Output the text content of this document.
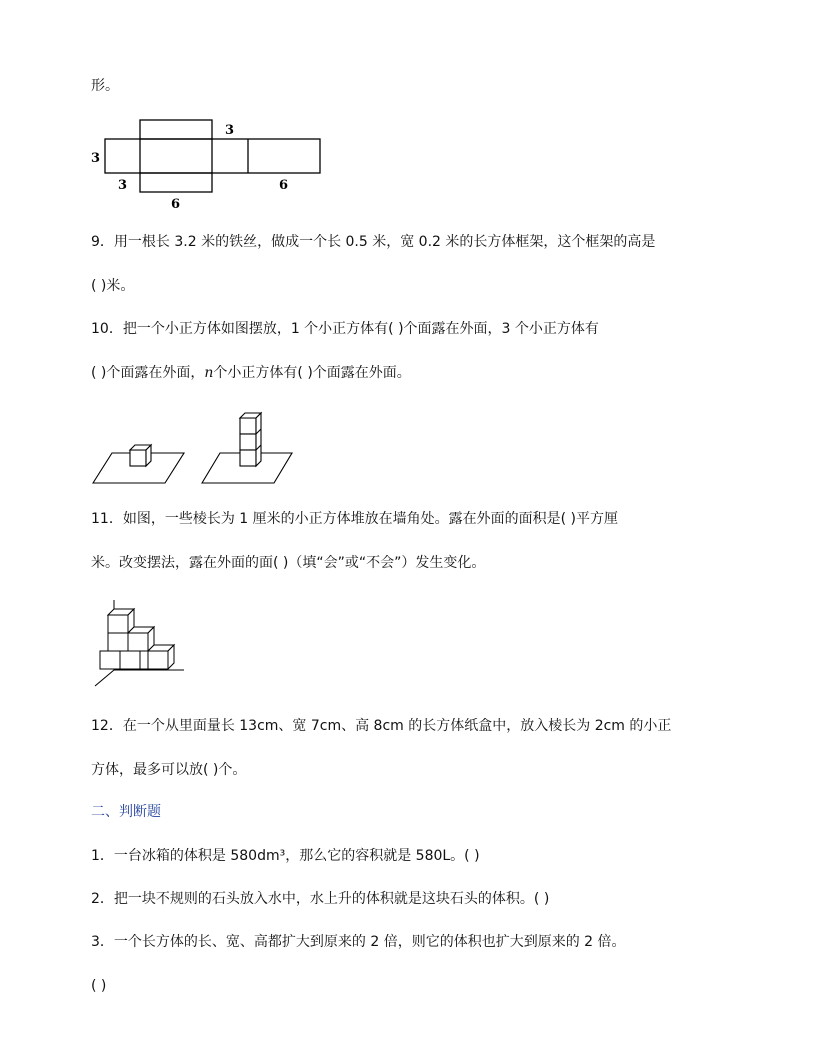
形。
3
3
3
6
6
9．用一根长 3.2 米的铁丝，做成一个长 0.5 米，宽 0.2 米的长方体框架，这个框架的高是
( )米。
10．把一个小正方体如图摆放，1 个小正方体有( )个面露在外面，3 个小正方体有
( )个面露在外面，n个小正方体有( )个面露在外面。
11．如图，一些棱长为 1 厘米的小正方体堆放在墙角处。露在外面的面积是( )平方厘
米。改变摆法，露在外面的面( )（填“会”或“不会”）发生变化。
12．在一个从里面量长 13cm、宽 7cm、高 8cm 的长方体纸盒中，放入棱长为 2cm 的小正
方体，最多可以放( )个。
二、判断题
1．一台冰箱的体积是 580dm³，那么它的容积就是 580L。( )
2．把一块不规则的石头放入水中，水上升的体积就是这块石头的体积。( )
3．一个长方体的长、宽、高都扩大到原来的 2 倍，则它的体积也扩大到原来的 2 倍。
( )
